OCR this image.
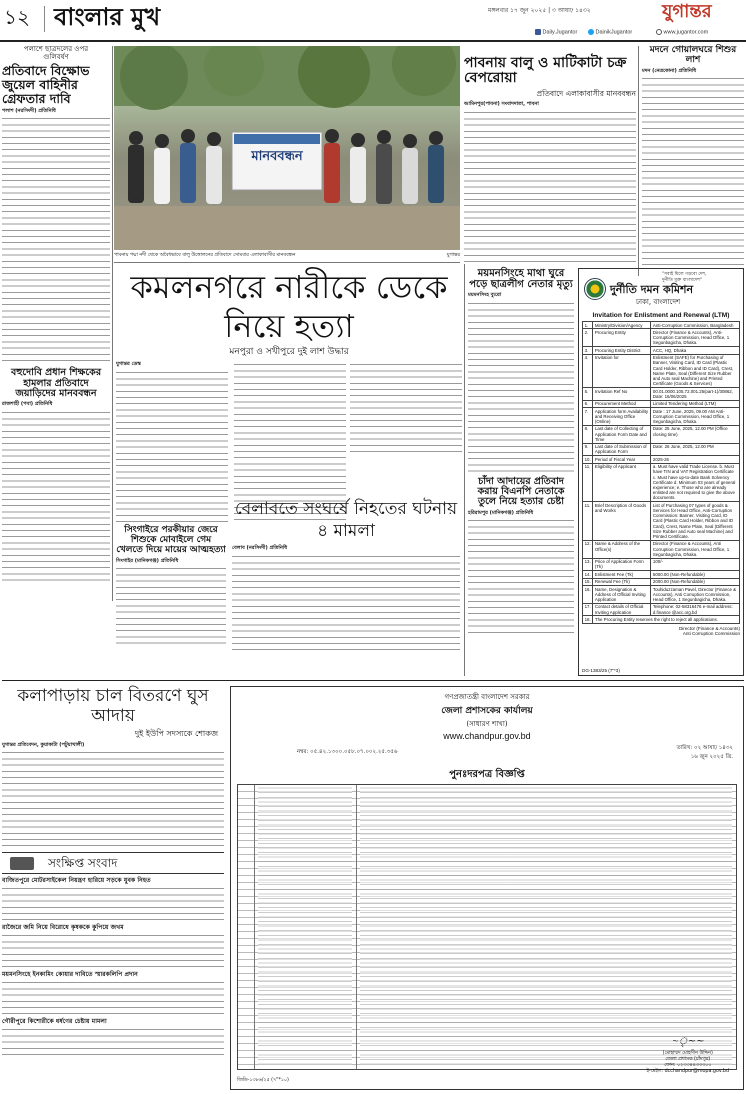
১২ বাংলার মুখ	মঙ্গলবার ১৭ জুন ২০২৫ | ৩ আষাঢ় ১৪৩২	যুগান্তর
Daily.Jugantor	DainikJugantor	www.jugantor.com
পলাশে ছাত্রদলের ওপর গুলিবর্ষণ
প্রতিবাদে বিক্ষোভ জুয়েল বাহিনীর গ্রেফতার দাবি
পলাশ (নরসিংদী) প্রতিনিধি
বহুদোবি প্রধান শিক্ষকের হামলার প্রতিবাদে জয়াড়িদের মানববন্ধন
রাজশাহী (পবা) প্রতিনিধি
মানববন্ধন
পাবনায় পদ্মা নদী থেকে অবৈধভাবে বালু উত্তোলনের প্রতিবাদে সোমবার এলাকাবাসীর মানববন্ধন	যুগান্তর
পাবনায় বালু ও মাটিকাটা চক্র বেপরোয়া
প্রতিবাদে এলাকাবাসীর মানববন্ধন
আমিনপুর(পাবনা) সংবাদদাতা, পাবনা
মদনে গোয়ালঘরে শিশুর লাশ
মদন (নেত্রকোনা) প্রতিনিধি
কমলনগরে নারীকে ডেকে নিয়ে হত্যা
মনপুরা ও সখীপুরে দুই লাশ উদ্ধার
যুগান্তর ডেস্ক
সিংগাইরে পরকীয়ার জেরে শিশুকে মোবাইলে গেম খেলতে দিয়ে মায়ের আত্মহত্যা
সিংগাইর (মানিকগঞ্জ) প্রতিনিধি
বেলাবতে সংঘর্ষে নিহতের ঘটনায় ৪ মামলা
বেলাব (নরসিংদী) প্রতিনিধি
ময়মনসিংহে মাথা ঘুরে পড়ে ছাত্রলীগ নেতার মৃত্যু
ময়মনসিংহ ব্যুরো
চাঁদা আদায়ের প্রতিবাদ করায় বিএনপি নেতাকে তুলে নিয়ে হত্যার চেষ্টা
হরিরামপুর (মানিকগঞ্জ) প্রতিনিধি
"সবাই মিলে গড়বো দেশ,
দুর্নীতি মুক্ত বাংলাদেশ"
দুর্নীতি দমন কমিশন
ঢাকা, বাংলাদেশ
Invitation for Enlistment and Renewal (LTM)
1.	Ministry/Division/Agency	Anti-Corruption Commission, Bangladesh
2.	Procuring Entity	Director (Finance & Accounts), Anti-Corruption Commission, Head Office, 1 Segunbagicha, Dhaka.
3.	Procuring Entity District	ACC, HQ, Dhaka
4.	Invitation for	Enlistment (SAFE) for Purchasing of Banner, Visiting Card, ID Card (Plastic Card Holder, Ribbon and ID Card), Crest, Name Plate, Seal (Different Size Rubber and Auto seal Machine) and Printed Certificate (Goods & Services)
5.	Invitation Ref No	00.01.0000.105.72.001.25/part-1)/30862, Date: 16/06/2025
6.	Procurement Method	Limited Tendering Method (LTM)
7.	Application form Availability and Receiving Office (Online)	Date : 17 June, 2025, 09.00 AM Anti-Corruption Commission, Head Office, 1 Segunbagicha, Dhaka.
8.	Last date of Collecting of Application Form Date and Time	Date: 25 June, 2025, 12.00 PM (Office closing time)
9.	Last date of Submission of Application Form	Date: 26 June, 2025, 12.00 PM
10.	Period of Fiscal Year	2025-26
11.	Eligibility of Applicant	a. Must have valid Trade License. b. Must have TIN and VAT Registration Certificate c. Must have up-to-date Bank Solvency Certificate d. Minimum 03 years of general experience; e. Those who are already enlisted are not required to give the above documents.
11.	Brief Description of Goods and Works	List of Purchasing 07 types of goods & Services for Head Office, Anti-Corruption Commission: Banner, Visiting Card, ID Card (Plastic Card Holder, Ribbon and ID Card), Crest, Name Plate, Seal (Different Size Rubber and Auto seal Machine) and Printed Certificate.
12.	Name & Address of the Office(s)	Director (Finance & Accounts), Anti Corruption Commission, Head Office, 1 Segunbagicha, Dhaka.
13.	Price of Application Form (Tk)	100/-
14.	Enlistment Fee (Tk)	5000.00 (Non-Refundable)
15.	Renewal Fee (Tk)	2000.00 (Non-Refundable)
16.	Name, Designation & Address of Official Inviting Application	Touhiduzzaman Pavel, Director (Finance & Accounts), Anti Corruption Commission, Head Office, 1 Segunbagicha, Dhaka.
17.	Contact details of Official Inviting Application	Telephone: 02-58316476 e-mail address: d.finance @acc.org.bd
18.	The Procuring Entity reserves the right to reject all applications.	
Director (Finance & Accounts)
Anti Corruption Commission
DG-1383/25 (7"*3)
কলাপাড়ায় চাল বিতরণে ঘুস আদায়
দুই ইউপি সদস্যকে শোকজ
যুগান্তর প্রতিবেদন, কুয়াকাটা (পটুয়াখালী)
সংক্ষিপ্ত সংবাদ
বাজিতপুরে মোটরসাইকেল নিয়ন্ত্রণ হারিয়ে সড়কে যুবক নিহত
রাজৈরে জমি নিয়ে বিরোধে কৃষককে কুপিয়ে জখম
ময়মনসিংহে ইনকামিং কোয়ার দাবিতে স্মারকলিপি প্রদান
গৌরীপুরে কিশোরীকে ধর্ষণের চেষ্টায় মামলা
গণপ্রজাতন্ত্রী বাংলাদেশ সরকার
জেলা প্রশাসকের কার্যালয়
(সাধারণ শাখা)
www.chandpur.gov.bd
নম্বর: ০৫.৪২.১৩০০.০৫৮.০৭.০০২.২৫.৩৫৬
তারিখ: ০২ আষাঢ় ১৪৩২
১৬ জুন ২০২৫ খ্রি.
পুনঃদরপত্র বিজ্ঞপ্তি
~ৃ~~
(মোহাম্মদ মোহসীন উদ্দিন)
জেলা প্রশাসক (চাঁদপুর)
ফোন: ০২৩৩৪৪৩৩৩০০
ই-মেইল: dcchandpur@mopa.gov.bd
জিডি-১৩৮৬/২৫ (৭"*১০)
